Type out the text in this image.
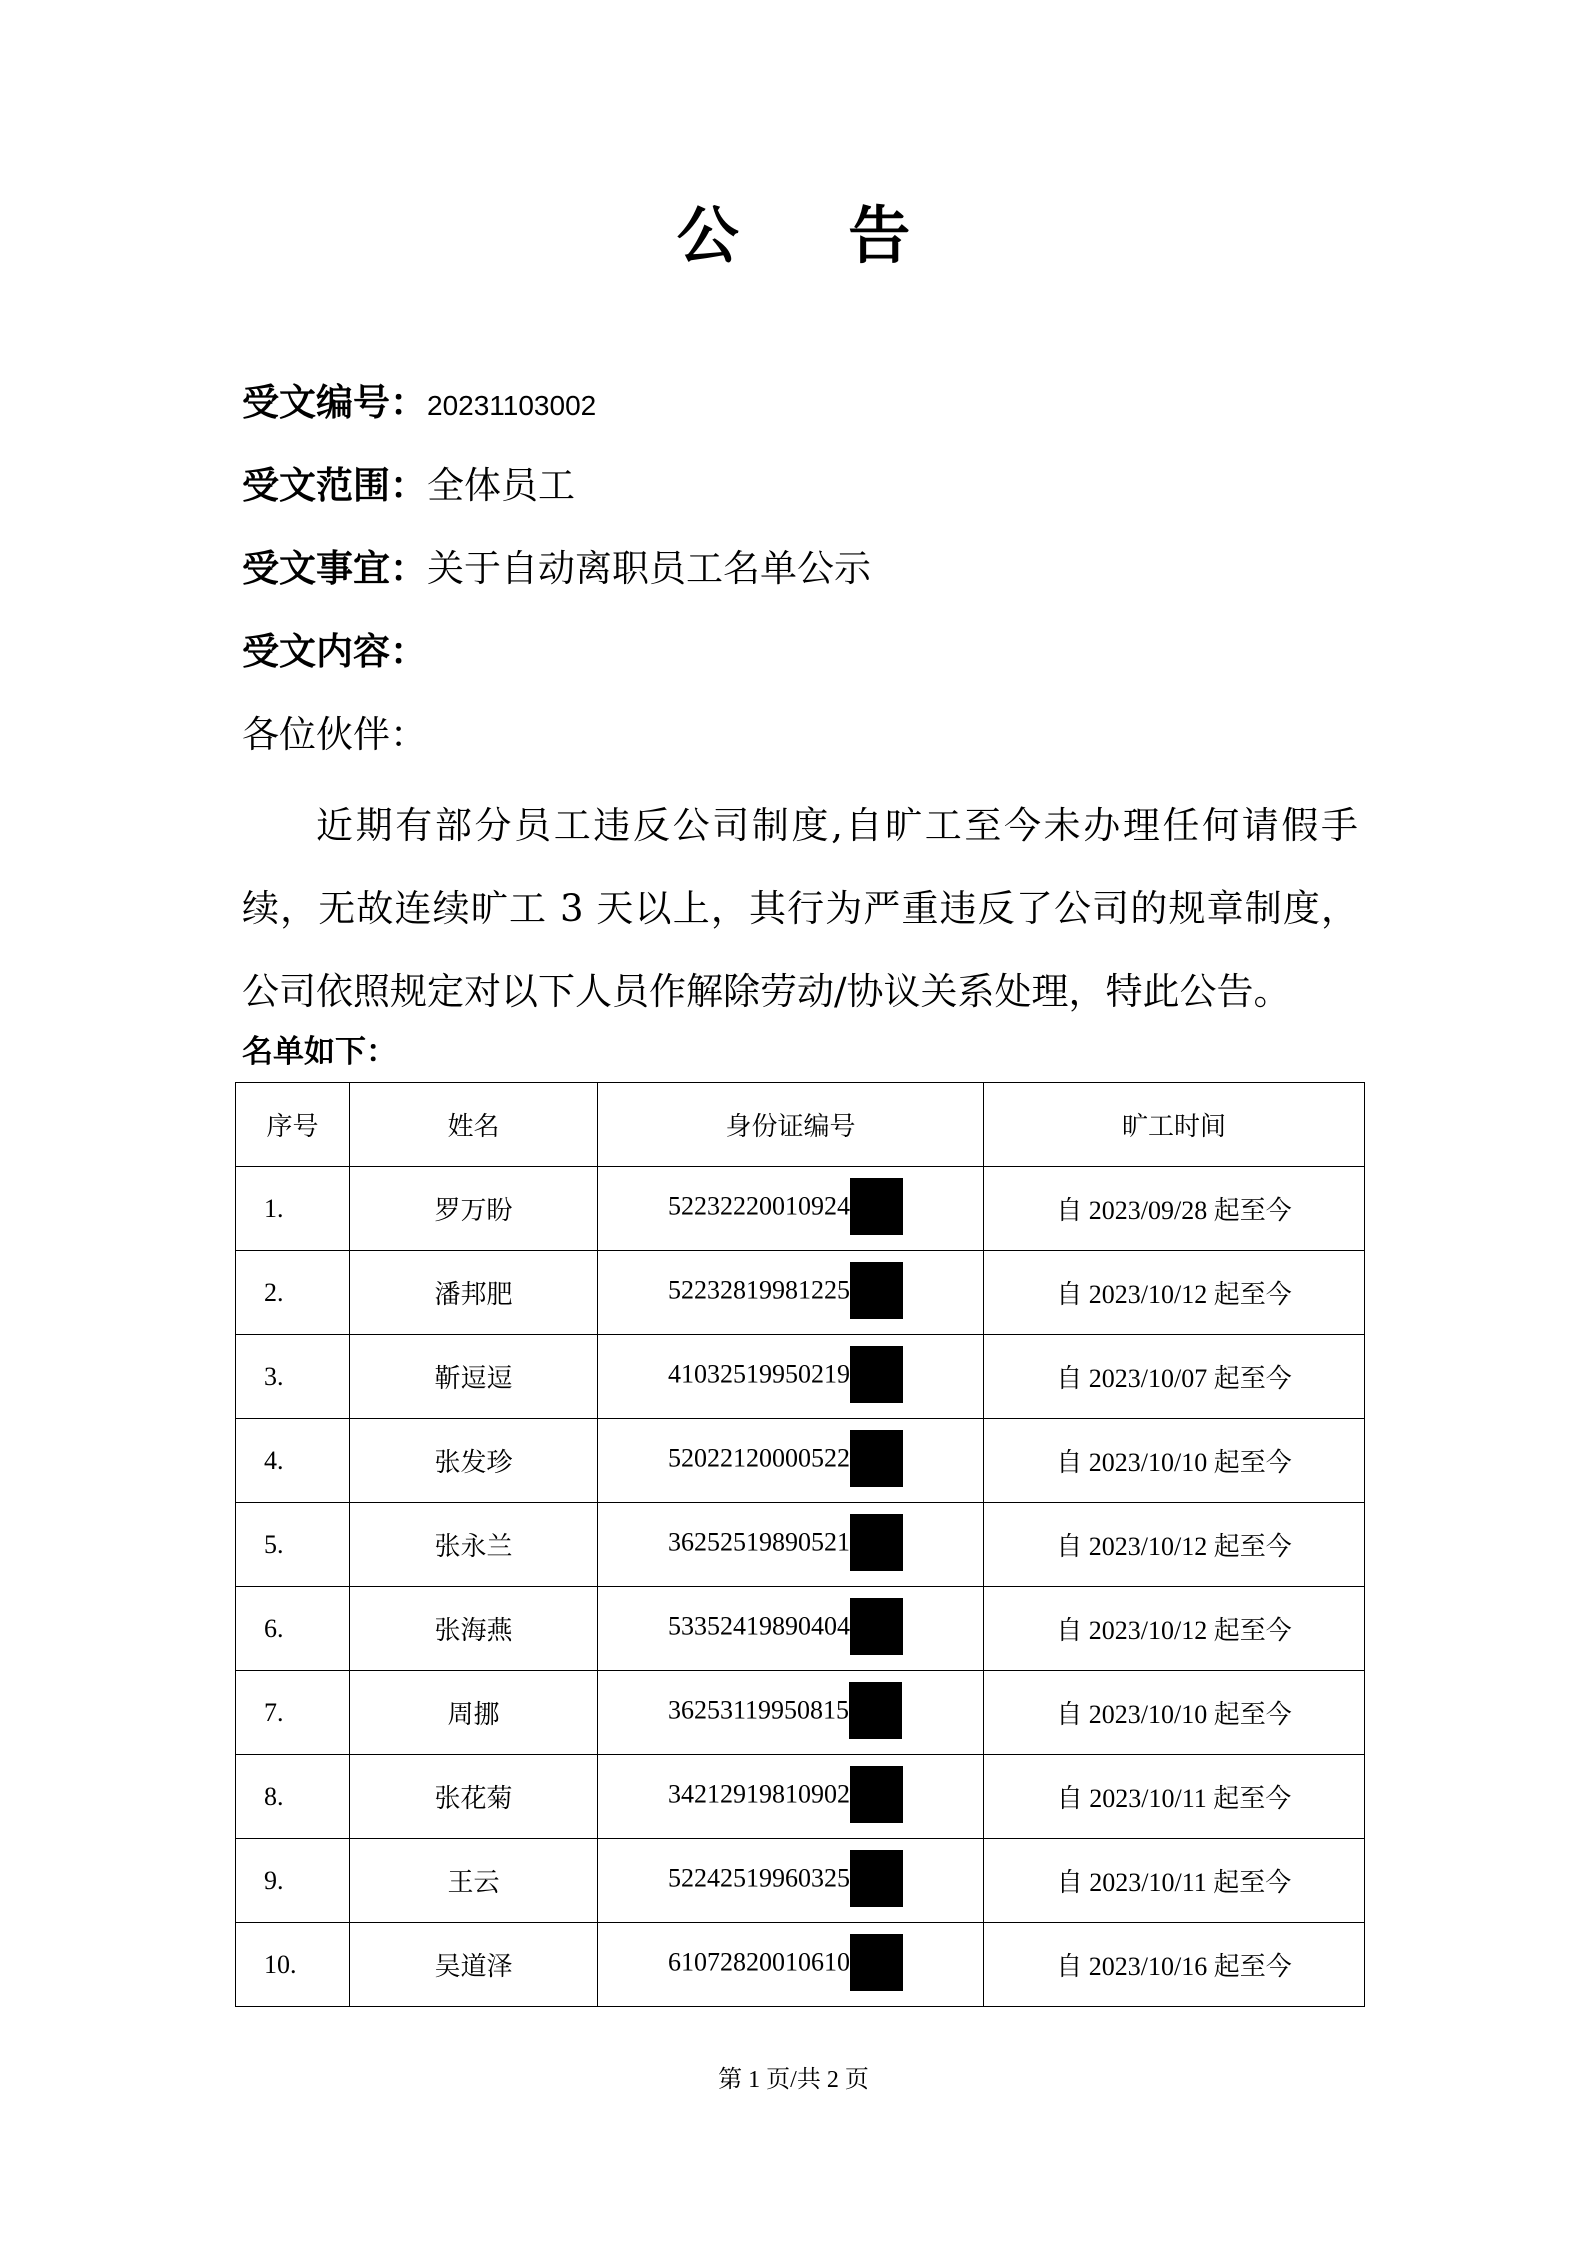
公 告
受文编号：20231103002
受文范围：全体员工
受文事宜：关于自动离职员工名单公示
受文内容：
各位伙伴：
近期有部分员工违反公司制度,自旷工至今未办理任何请假手续，无故连续旷工 3 天以上，其行为严重违反了公司的规章制度，公司依照规定对以下人员作解除劳动/协议关系处理，特此公告。
名单如下：
序号	姓名	身份证编号	旷工时间
1.	罗万盼	52232220010924	自 2023/09/28 起至今
2.	潘邦肥	52232819981225	自 2023/10/12 起至今
3.	靳逗逗	41032519950219	自 2023/10/07 起至今
4.	张发珍	52022120000522	自 2023/10/10 起至今
5.	张永兰	36252519890521	自 2023/10/12 起至今
6.	张海燕	53352419890404	自 2023/10/12 起至今
7.	周挪	36253119950815	自 2023/10/10 起至今
8.	张花菊	34212919810902	自 2023/10/11 起至今
9.	王云	52242519960325	自 2023/10/11 起至今
10.	吴道泽	61072820010610	自 2023/10/16 起至今
第 1 页/共 2 页
